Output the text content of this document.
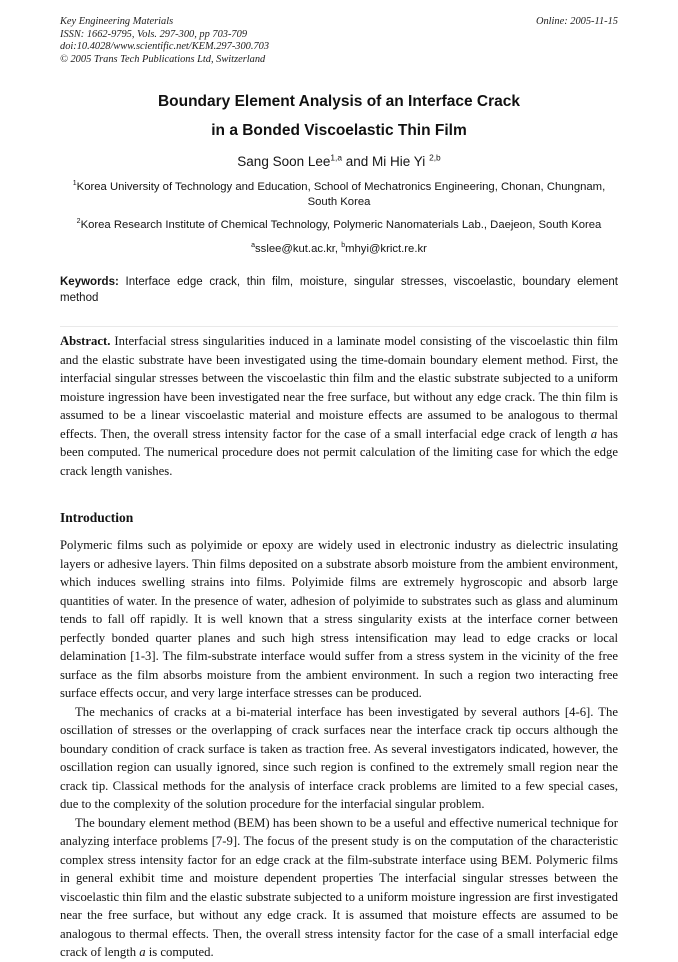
Key Engineering Materials

ISSN: 1662-9795, Vols. 297-300, pp 703-709

doi:10.4028/www.scientific.net/KEM.297-300.703

© 2005 Trans Tech Publications Ltd, Switzerland

Online: 2005-11-15
Boundary Element Analysis of an Interface Crack
in a Bonded Viscoelastic Thin Film

Sang Soon Lee$^{1,a}$ and Mi Hie Yi $^{2,b}$

$^1$Korea University of Technology and Education, School of Mechatronics Engineering, Chonan, Chungnam, South Korea

$^2$Korea Research Institute of Chemical Technology, Polymeric Nanomaterials Lab., Daejeon, South Korea

$^a$sslee@kut.ac.kr, $^b$mhyi@krict.re.kr

Keywords: Interface edge crack, thin film, moisture, singular stresses, viscoelastic, boundary element method

Abstract. Interfacial stress singularities induced in a laminate model consisting of the viscoelastic thin film and the elastic substrate have been investigated using the time-domain boundary element method. First, the interfacial singular stresses between the viscoelastic thin film and the elastic substrate subjected to a uniform moisture ingression have been investigated near the free surface, but without any edge crack. The thin film is assumed to be a linear viscoelastic material and moisture effects are assumed to be analogous to thermal effects. Then, the overall stress intensity factor for the case of a small interfacial edge crack of length a has been computed. The numerical procedure does not permit calculation of the limiting case for which the edge crack length vanishes.

Introduction

Polymeric films such as polyimide or epoxy are widely used in electronic industry as dielectric insulating layers or adhesive layers. Thin films deposited on a substrate absorb moisture from the ambient environment, which induces swelling strains into films. Polyimide films are extremely hygroscopic and absorb large quantities of water. In the presence of water, adhesion of polyimide to substrates such as glass and aluminum tends to fall off rapidly. It is well known that a stress singularity exists at the interface corner between perfectly bonded quarter planes and such high stress intensification may lead to edge cracks or local delamination [1-3]. The film-substrate interface would suffer from a stress system in the vicinity of the free surface as the film absorbs moisture from the ambient environment. In such a region two interacting free surface effects occur, and very large interface stresses can be produced.

The mechanics of cracks at a bi-material interface has been investigated by several authors [4-6]. The oscillation of stresses or the overlapping of crack surfaces near the interface crack tip occurs although the boundary condition of crack surface is taken as traction free. As several investigators indicated, however, the oscillation region can usually ignored, since such region is confined to the extremely small region near the crack tip. Classical methods for the analysis of interface crack problems are limited to a few special cases, due to the complexity of the solution procedure for the interfacial singular problem.

The boundary element method (BEM) has been shown to be a useful and effective numerical technique for analyzing interface problems [7-9]. The focus of the present study is on the computation of the characteristic complex stress intensity factor for an edge crack at the film-substrate interface using BEM. Polymeric films in general exhibit time and moisture dependent properties The interfacial singular stresses between the viscoelastic thin film and the elastic substrate subjected to a uniform moisture ingression are first investigated near the free surface, but without any edge crack. It is assumed that moisture effects are assumed to be analogous to thermal effects. Then, the overall stress intensity factor for the case of a small interfacial edge crack of length a is computed.
